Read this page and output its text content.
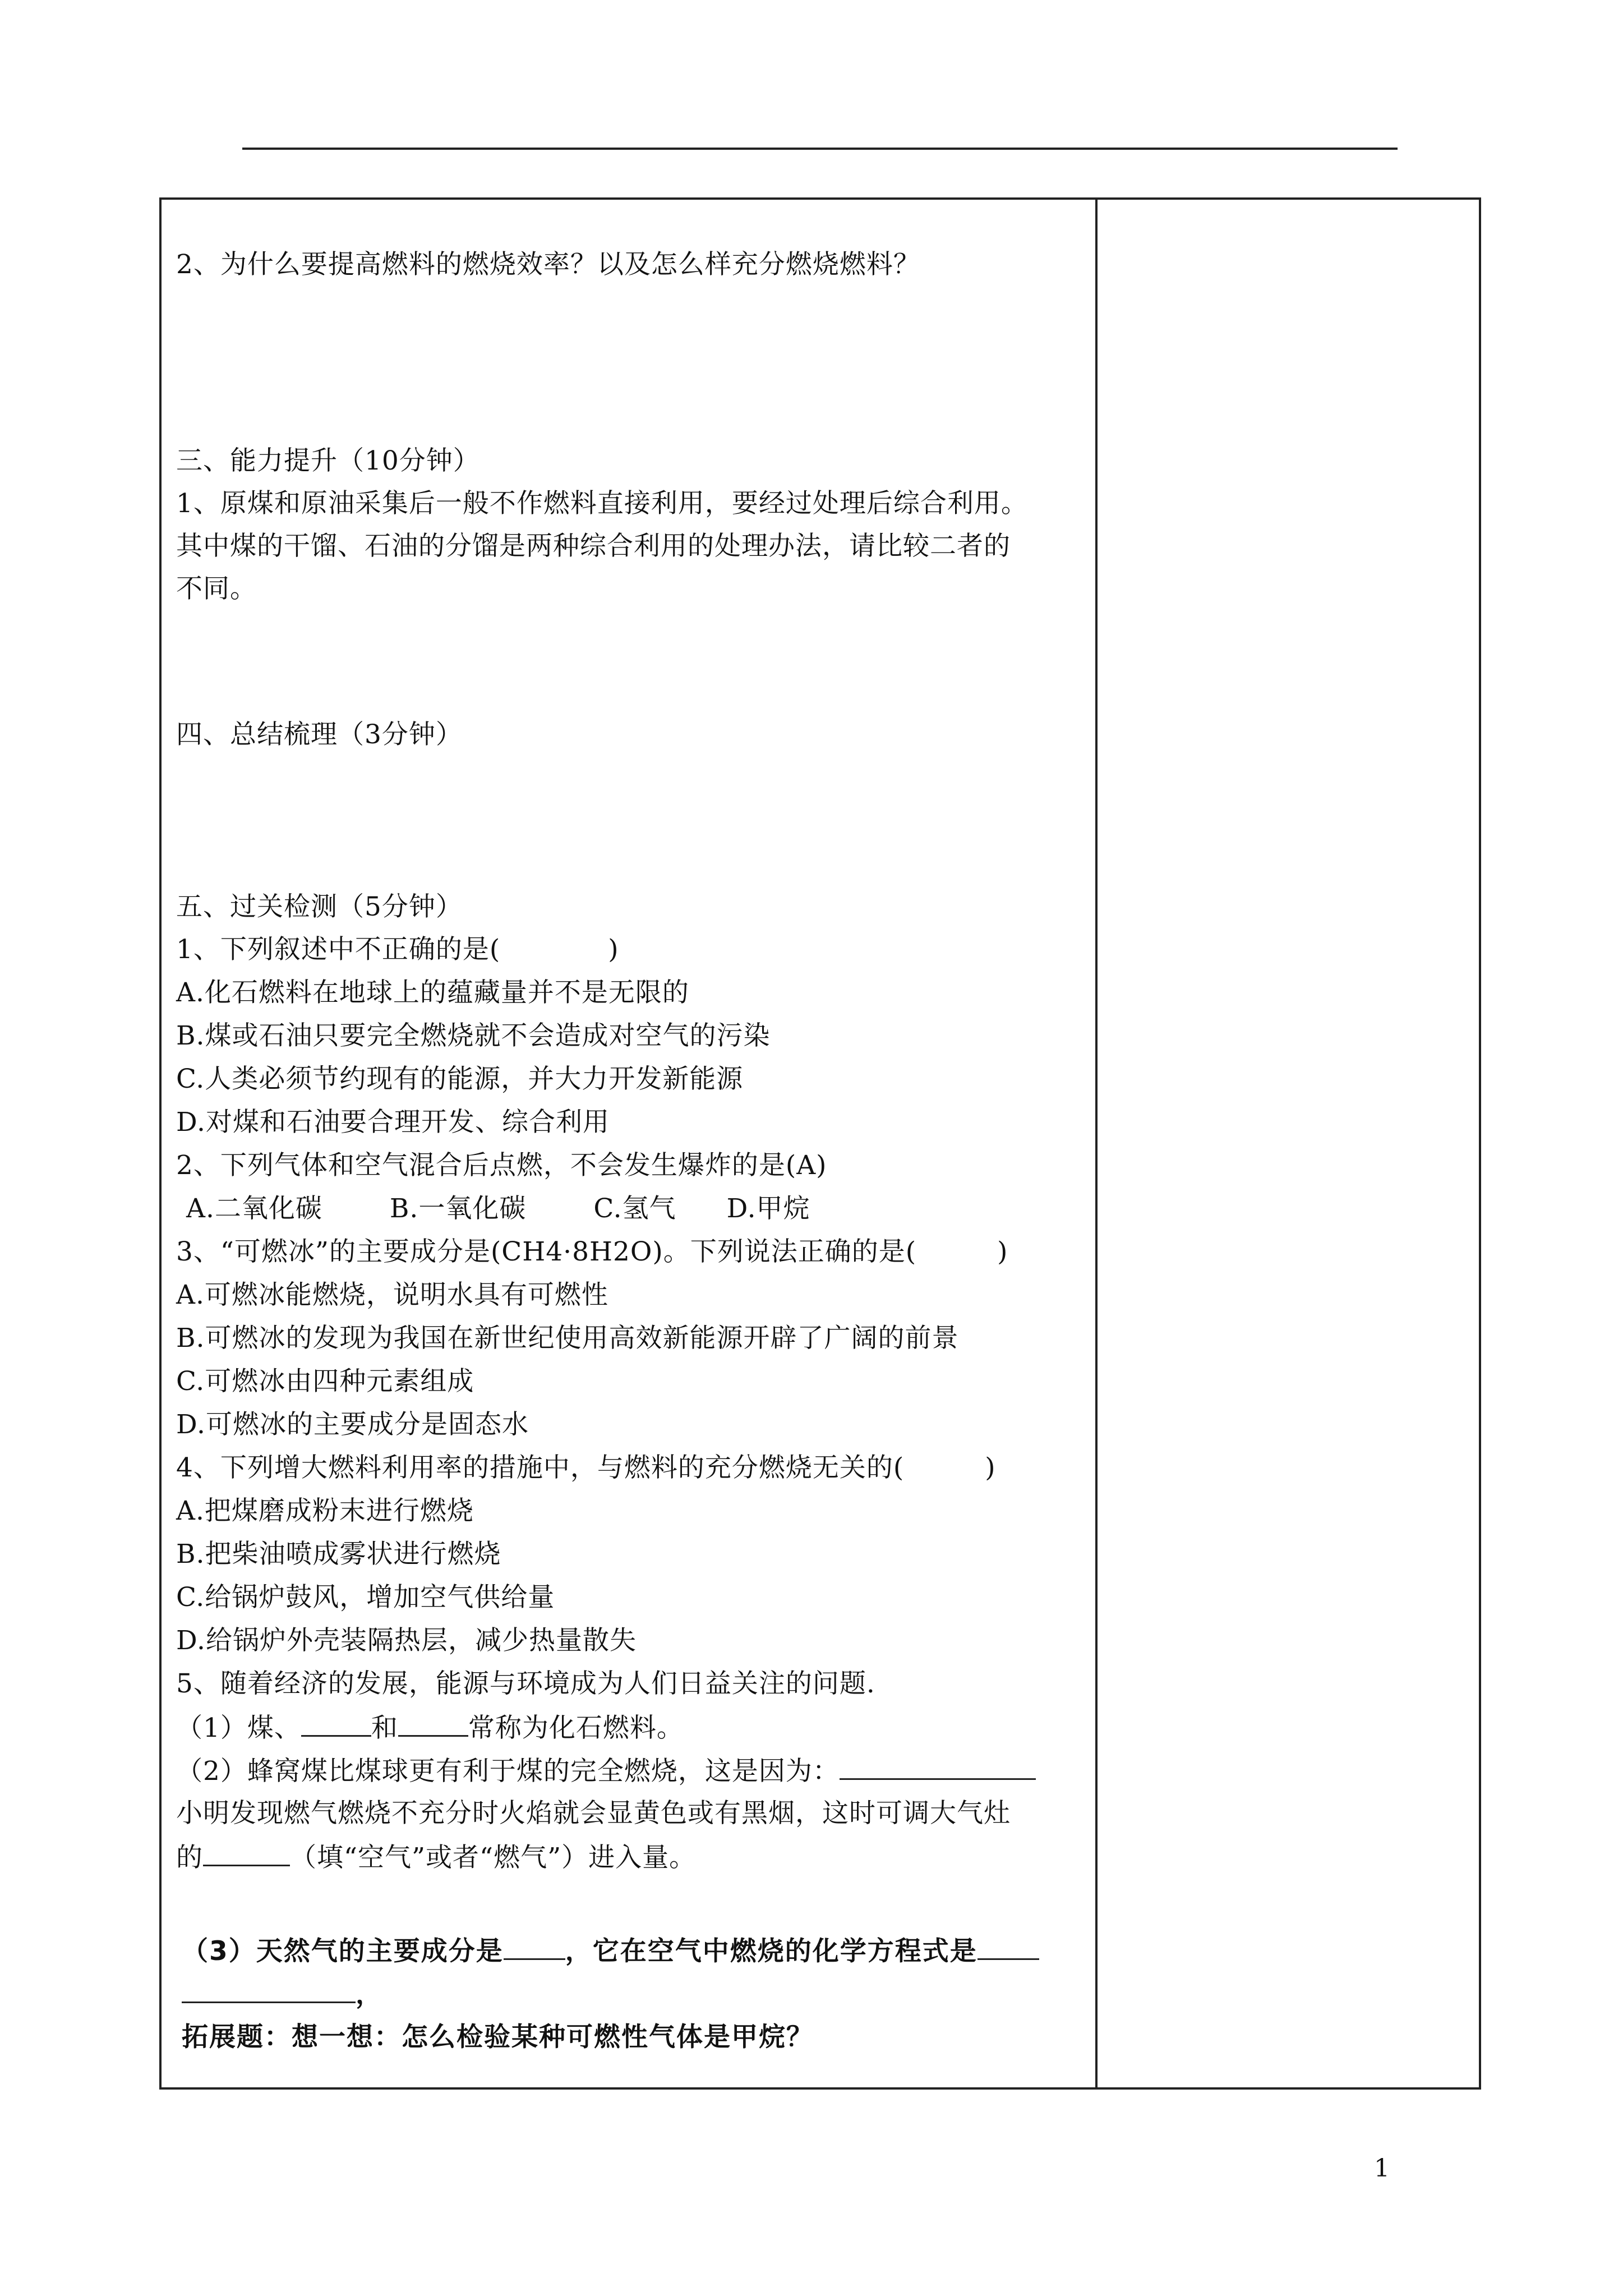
2、为什么要提高燃料的燃烧效率？以及怎么样充分燃烧燃料？
三、能力提升（10分钟）
1、原煤和原油采集后一般不作燃料直接利用，要经过处理后综合利用。
其中煤的干馏、石油的分馏是两种综合利用的处理办法，请比较二者的
不同。
四、总结梳理（3分钟）
五、过关检测（5分钟）
1、下列叙述中不正确的是(　　　　)
A.化石燃料在地球上的蕴藏量并不是无限的
B.煤或石油只要完全燃烧就不会造成对空气的污染
C.人类必须节约现有的能源，并大力开发新能源
D.对煤和石油要合理开发、综合利用
2、下列气体和空气混合后点燃，不会发生爆炸的是(A)
A.二氧化碳	B.一氧化碳	C.氢气 D.甲烷
3、“可燃冰”的主要成分是(CH4·8H2O)。下列说法正确的是(　　　)
A.可燃冰能燃烧，说明水具有可燃性
B.可燃冰的发现为我国在新世纪使用高效新能源开辟了广阔的前景
C.可燃冰由四种元素组成
D.可燃冰的主要成分是固态水
4、下列增大燃料利用率的措施中，与燃料的充分燃烧无关的(　　　)
A.把煤磨成粉末进行燃烧
B.把柴油喷成雾状进行燃烧
C.给锅炉鼓风，增加空气供给量
D.给锅炉外壳装隔热层，减少热量散失
5、随着经济的发展，能源与环境成为人们日益关注的问题.
（1）煤、	和	常称为化石燃料。
（2）蜂窝煤比煤球更有利于煤的完全燃烧，这是因为：
小明发现燃气燃烧不充分时火焰就会显黄色或有黑烟，这时可调大气灶
的	（填“空气”或者“燃气”）进入量。
（3）天然气的主要成分是 ，它在空气中燃烧的化学方程式是
，
拓展题：想一想：怎么检验某种可燃性气体是甲烷？
1
